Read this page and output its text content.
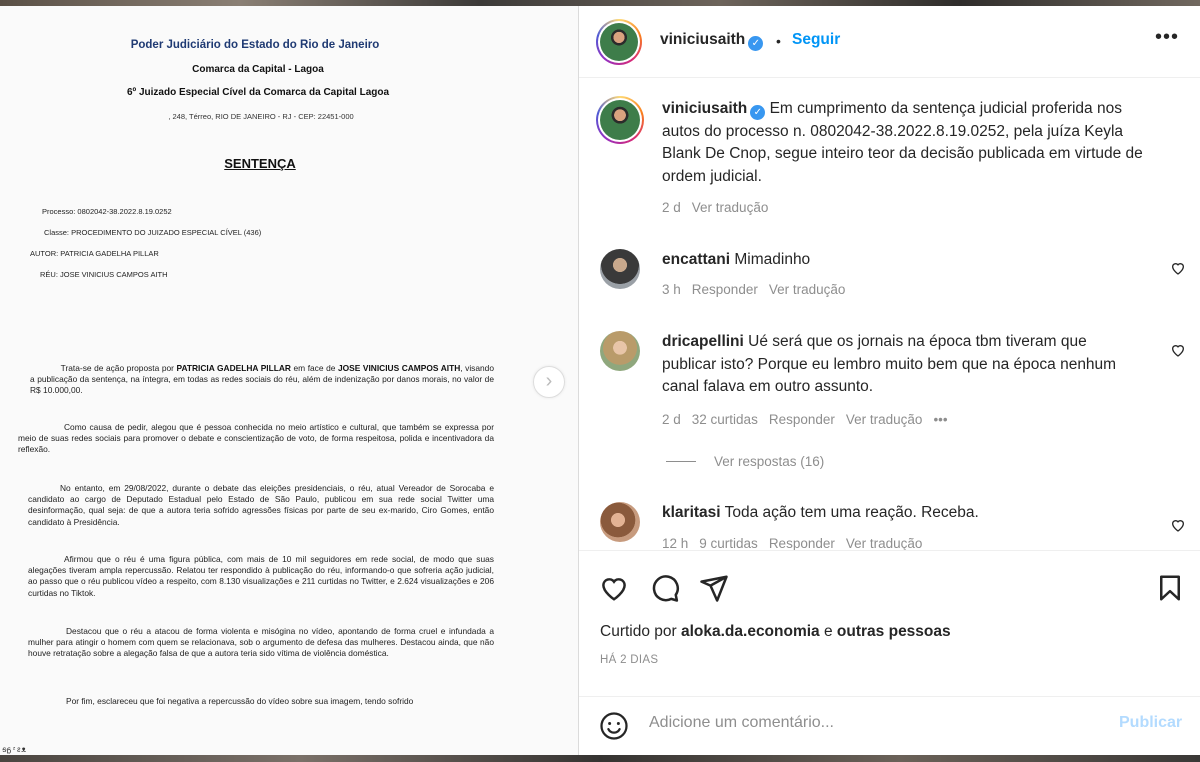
Poder Judiciário do Estado do Rio de Janeiro
Comarca da Capital - Lagoa
6º Juizado Especial Cível da Comarca da Capital Lagoa
, 248, Térreo, RIO DE JANEIRO - RJ - CEP: 22451-000
SENTENÇA
Processo: 0802042-38.2022.8.19.0252
Classe: PROCEDIMENTO DO JUIZADO ESPECIAL CÍVEL (436)
AUTOR: PATRICIA GADELHA PILLAR
RÉU: JOSE VINICIUS CAMPOS AITH

Trata-se de ação proposta por PATRICIA GADELHA PILLAR em face de JOSE VINICIUS CAMPOS AITH, visando a publicação da sentença, na íntegra, em todas as redes sociais do réu, além de indenização por danos morais, no valor de R$ 10.000,00.

Como causa de pedir, alegou que é pessoa conhecida no meio artístico e cultural, que também se expressa por meio de suas redes sociais para promover o debate e conscientização de voto, de forma respeitosa, polida e incentivadora da reflexão.

No entanto, em 29/08/2022, durante o debate das eleições presidenciais, o réu, atual Vereador de Sorocaba e candidato ao cargo de Deputado Estadual pelo Estado de São Paulo, publicou em sua rede social Twitter uma desinformação, qual seja: de que a autora teria sofrido agressões físicas por parte de seu ex-marido, Ciro Gomes, então candidato à Presidência.

Afirmou que o réu é uma figura pública, com mais de 10 mil seguidores em rede social, de modo que suas alegações tiveram ampla repercussão. Relatou ter respondido à publicação do réu, informando-o que sofreria ação judicial, ao passo que o réu publicou vídeo a respeito, com 8.130 visualizações e 211 curtidas no Twitter, e 2.624 visualizações e 206 curtidas no Tiktok.

Destacou que o réu a atacou de forma violenta e misógina no vídeo, apontando de forma cruel e infundada a mulher para atingir o homem com quem se relacionava, sob o argumento de defesa das mulheres. Destacou ainda, que não houve retratação sobre a alegação falsa de que a autora teria sido vítima de violência doméstica.

Por fim, esclareceu que foi negativa a repercussão do vídeo sobre sua imagem, tendo sofrido

›
viniciusaith ✓ • Seguir	•••
viniciusaith ✓ Em cumprimento da sentença judicial proferida nos autos do processo n. 0802042-38.2022.8.19.0252, pela juíza Keyla Blank De Cnop, segue inteiro teor da decisão publicada em virtude de ordem judicial.
2 d Ver tradução
encattani Mimadinho
3 h Responder Ver tradução
dricapellini Ué será que os jornais na época tbm tiveram que publicar isto? Porque eu lembro muito bem que na época nenhum canal falava em outro assunto.
2 d 32 curtidas Responder Ver tradução •••
Ver respostas (16)
klaritasi Toda ação tem uma reação. Receba.
12 h 9 curtidas Responder Ver tradução
Curtido por aloka.da.economia e outras pessoas
HÁ 2 DIAS
Adicione um comentário...	Publicar
ᵴᵷᶻᴤᴥ
